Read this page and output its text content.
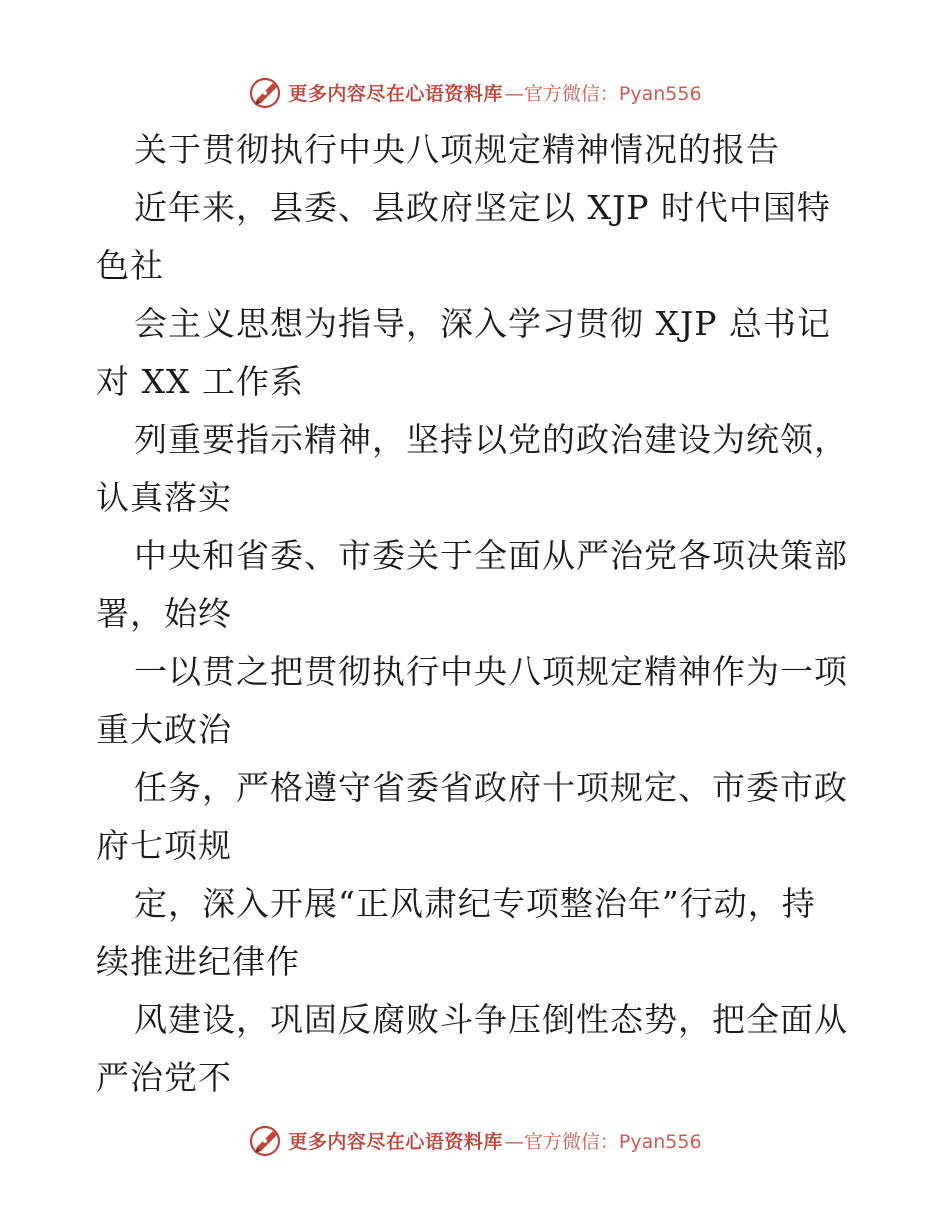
更多内容尽在心语资料库 —官方微信：Pyan556
关于贯彻执行中央八项规定精神情况的报告
近年来，县委、县政府坚定以 XJP 时代中国特
色社
会主义思想为指导，深入学习贯彻 XJP 总书记
对 XX 工作系
列重要指示精神，坚持以党的政治建设为统领，
认真落实
中央和省委、市委关于全面从严治党各项决策部
署，始终
一以贯之把贯彻执行中央八项规定精神作为一项
重大政治
任务，严格遵守省委省政府十项规定、市委市政
府七项规
定，深入开展“正风肃纪专项整治年”行动，持
续推进纪律作
风建设，巩固反腐败斗争压倒性态势，把全面从
严治党不
更多内容尽在心语资料库 —官方微信：Pyan556
